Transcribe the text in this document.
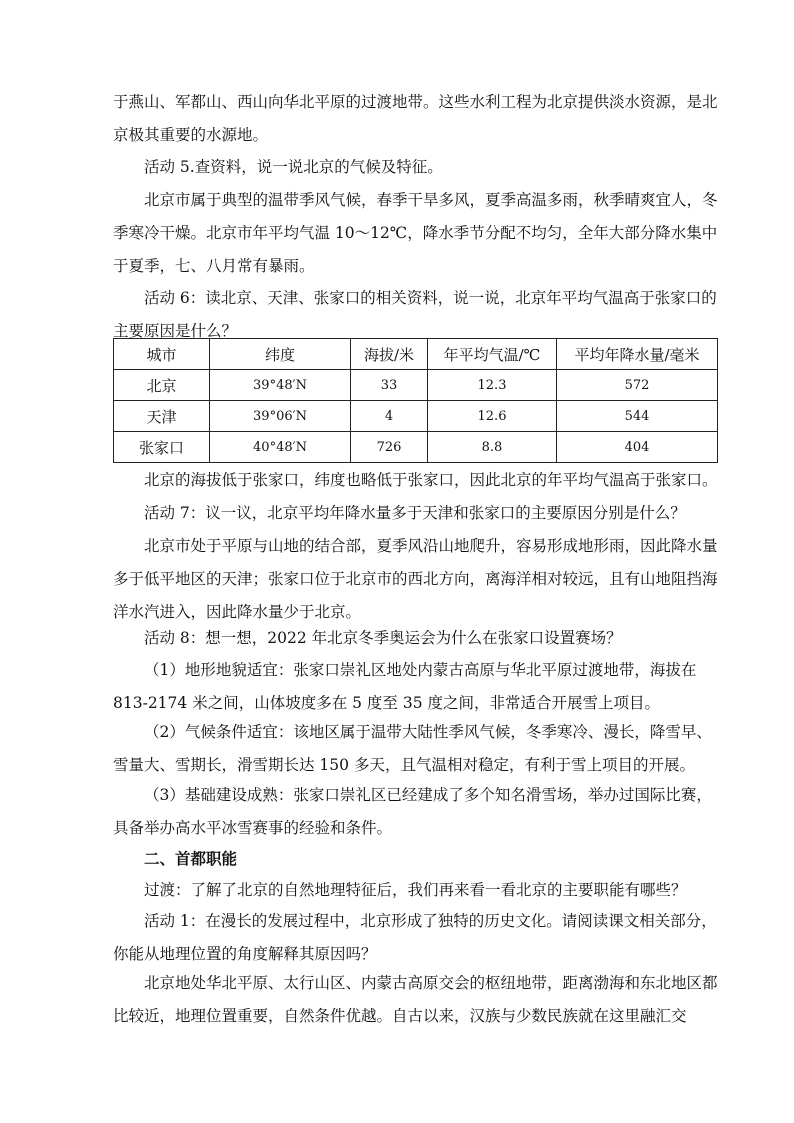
于燕山、军都山、西山向华北平原的过渡地带。这些水利工程为北京提供淡水资源，是北京极其重要的水源地。

活动 5.查资料，说一说北京的气候及特征。

北京市属于典型的温带季风气候，春季干旱多风，夏季高温多雨，秋季晴爽宜人，冬季寒冷干燥。北京市年平均气温 10～12℃，降水季节分配不均匀，全年大部分降水集中于夏季，七、八月常有暴雨。

活动 6：读北京、天津、张家口的相关资料，说一说，北京年平均气温高于张家口的主要原因是什么？

城市	纬度	海拔/米	年平均气温/℃	平均年降水量/毫米
北京	39°48′N	33	12.3	572
天津	39°06′N	4	12.6	544
张家口	40°48′N	726	8.8	404

北京的海拔低于张家口，纬度也略低于张家口，因此北京的年平均气温高于张家口。

活动 7：议一议，北京平均年降水量多于天津和张家口的主要原因分别是什么？

北京市处于平原与山地的结合部，夏季风沿山地爬升，容易形成地形雨，因此降水量多于低平地区的天津；张家口位于北京市的西北方向，离海洋相对较远，且有山地阻挡海洋水汽进入，因此降水量少于北京。

活动 8：想一想，2022 年北京冬季奥运会为什么在张家口设置赛场？

（1）地形地貌适宜：张家口崇礼区地处内蒙古高原与华北平原过渡地带，海拔在 813-2174 米之间，山体坡度多在 5 度至 35 度之间，非常适合开展雪上项目。

（2）气候条件适宜：该地区属于温带大陆性季风气候，冬季寒冷、漫长，降雪早、雪量大、雪期长，滑雪期长达 150 多天，且气温相对稳定，有利于雪上项目的开展。

（3）基础建设成熟：张家口崇礼区已经建成了多个知名滑雪场，举办过国际比赛，具备举办高水平冰雪赛事的经验和条件。

二、首都职能

过渡：了解了北京的自然地理特征后，我们再来看一看北京的主要职能有哪些？

活动 1：在漫长的发展过程中，北京形成了独特的历史文化。请阅读课文相关部分，你能从地理位置的角度解释其原因吗？

北京地处华北平原、太行山区、内蒙古高原交会的枢纽地带，距离渤海和东北地区都比较近，地理位置重要，自然条件优越。自古以来，汉族与少数民族就在这里融汇交
